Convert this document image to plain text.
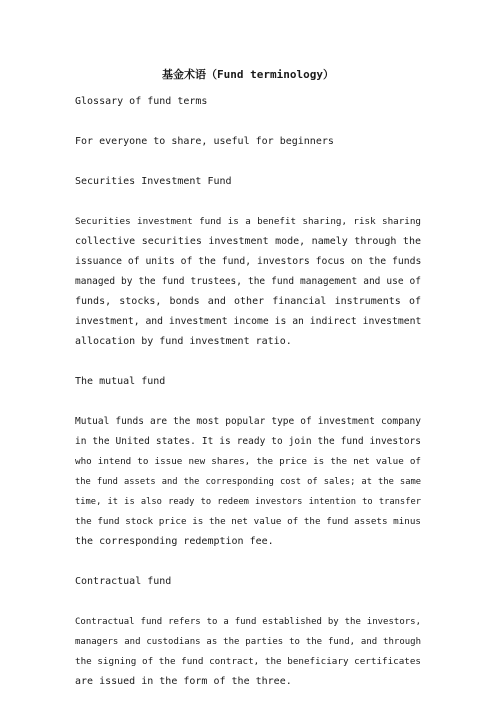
基金术语（Fund terminology）

Glossary of fund terms

For everyone to share, useful for beginners

Securities Investment Fund

Securities investment fund is a benefit sharing, risk sharing

collective securities investment mode, namely through the

issuance of units of the fund, investors focus on the funds

managed by the fund trustees, the fund management and use of

funds, stocks, bonds and other financial instruments of

investment, and investment income is an indirect investment

allocation by fund investment ratio.

The mutual fund

Mutual funds are the most popular type of investment company

in the United states. It is ready to join the fund investors

who intend to issue new shares, the price is the net value of

the fund assets and the corresponding cost of sales; at the same

time, it is also ready to redeem investors intention to transfer

the fund stock price is the net value of the fund assets minus

the corresponding redemption fee.

Contractual fund

Contractual fund refers to a fund established by the investors,

managers and custodians as the parties to the fund, and through

the signing of the fund contract, the beneficiary certificates

are issued in the form of the three.
